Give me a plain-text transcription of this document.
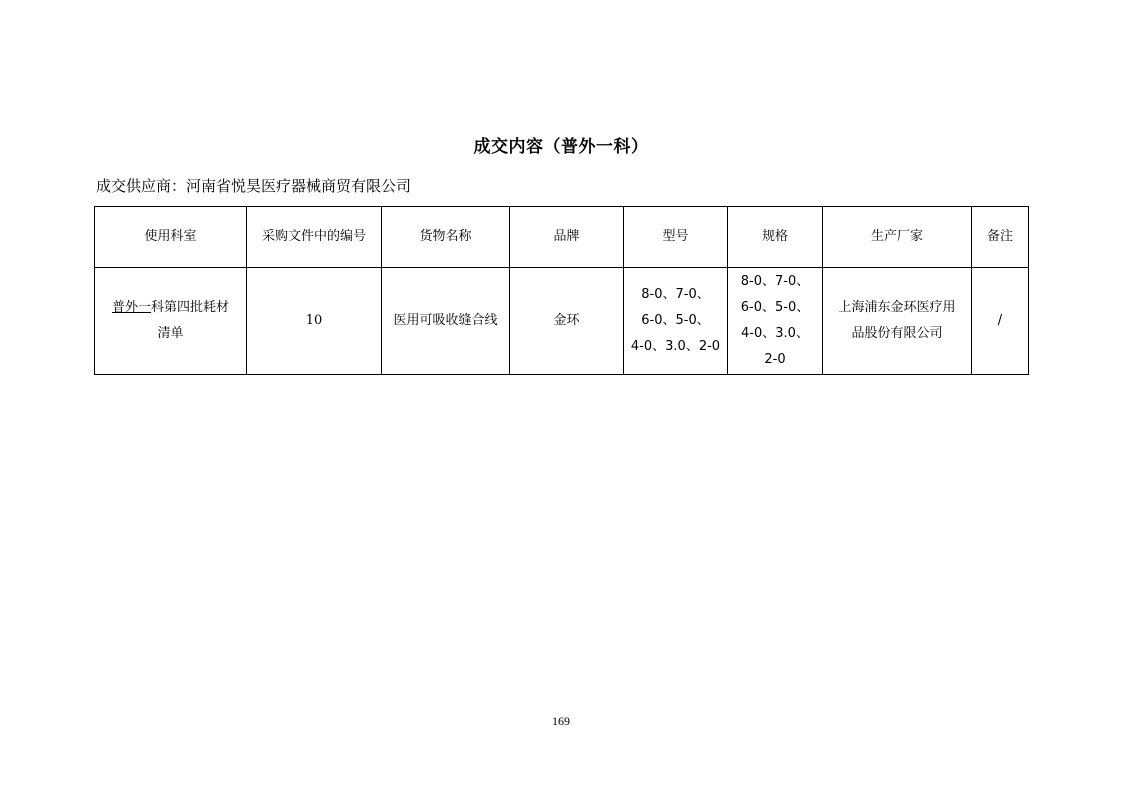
成交内容（普外一科）
成交供应商：河南省悦昊医疗器械商贸有限公司
使用科室	采购文件中的编号	货物名称	品牌	型号	规格	生产厂家	备注
普外一科第四批耗材
清单	10	医用可吸收缝合线	金环	8-0、7-0、
6-0、5-0、
4-0、3.0、2-0	8-0、7-0、
6-0、5-0、
4-0、3.0、
2-0	上海浦东金环医疗用
品股份有限公司	/
169
